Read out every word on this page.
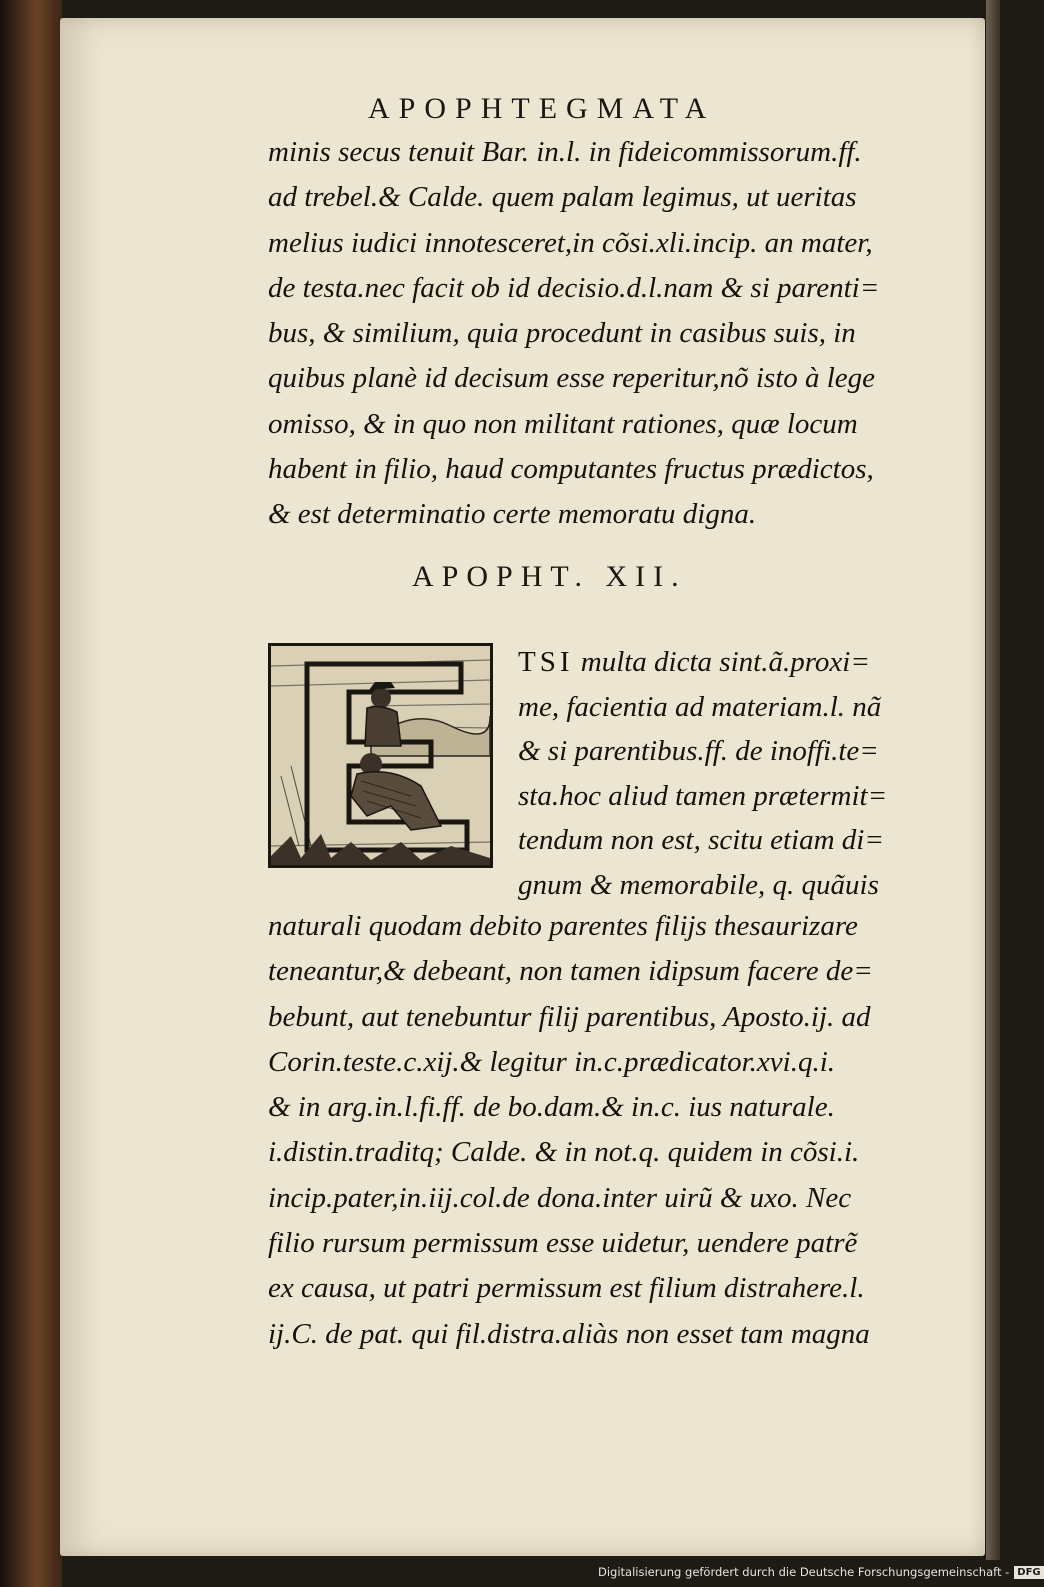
APOPHTEGMATA
minis secus tenuit Bar. in.l. in fideicommissorum.ff.
ad trebel.& Calde. quem palam legimus, ut ueritas
melius iudici innotesceret,in cõsi.xli.incip. an mater,
de testa.nec facit ob id decisio.d.l.nam & si parenti=
bus, & similium, quia procedunt in casibus suis, in
quibus planè id decisum esse reperitur,nõ isto à lege
omisso, & in quo non militant rationes, quæ locum
habent in filio, haud computantes fructus prædictos,
& est determinatio certe memoratu digna.
APOPHT. XII.
TSI multa dicta sint.ã.proxi=
me, facientia ad materiam.l. nã
& si parentibus.ff. de inoffi.te=
sta.hoc aliud tamen prætermit=
tendum non est, scitu etiam di=
gnum & memorabile, q. quãuis
naturali quodam debito parentes filijs thesaurizare
teneantur,& debeant, non tamen idipsum facere de=
bebunt, aut tenebuntur filij parentibus, Aposto.ij. ad
Corin.teste.c.xij.& legitur in.c.prædicator.xvi.q.i.
& in arg.in.l.fi.ff. de bo.dam.& in.c. ius naturale.
i.distin.traditq; Calde. & in not.q. quidem in cõsi.i.
incip.pater,in.iij.col.de dona.inter uirũ & uxo. Nec
filio rursum permissum esse uidetur, uendere patrẽ
ex causa, ut patri permissum est filium distrahere.l.
ij.C. de pat. qui fil.distra.aliàs non esset tam magna
Digitalisierung gefördert durch die Deutsche Forschungsgemeinschaft - DFG
